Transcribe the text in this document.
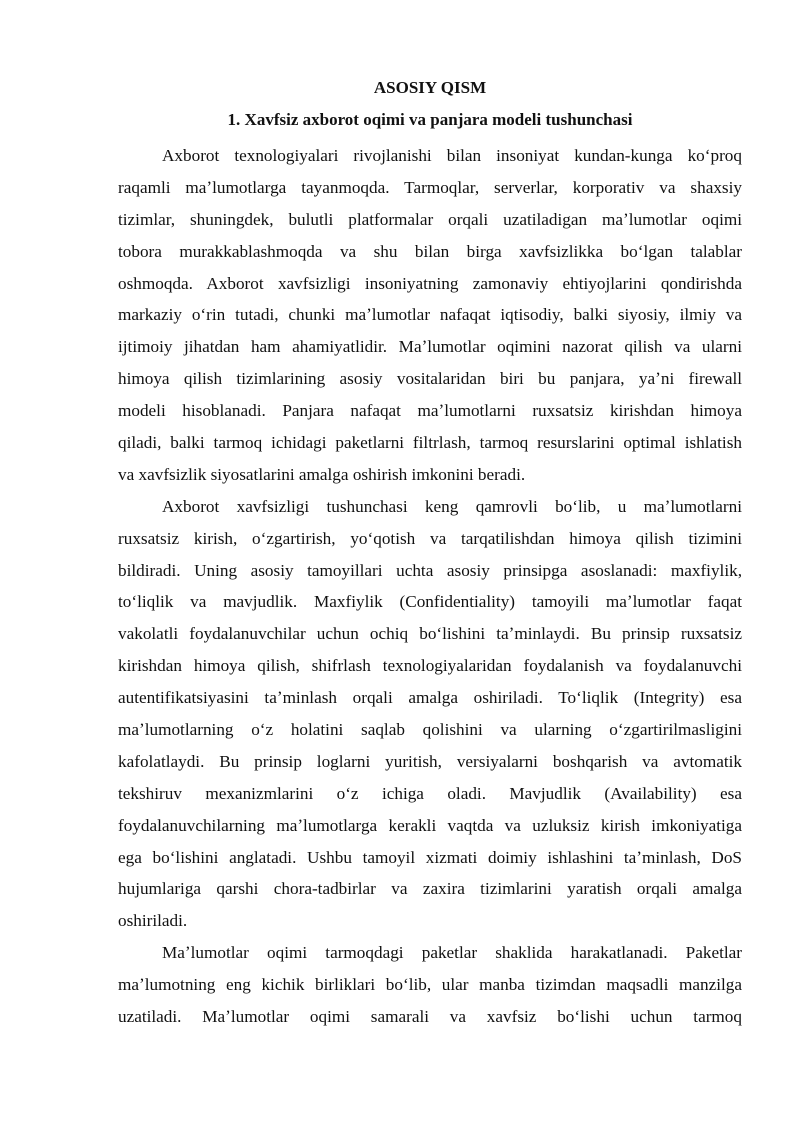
ASOSIY QISM
1. Xavfsiz axborot oqimi va panjara modeli tushunchasi
Axborot texnologiyalari rivojlanishi bilan insoniyat kundan-kunga koʻproq
raqamli maʼlumotlarga tayanmoqda. Tarmoqlar, serverlar, korporativ va shaxsiy
tizimlar, shuningdek, bulutli platformalar orqali uzatiladigan maʼlumotlar oqimi
tobora murakkablashmoqda va shu bilan birga xavfsizlikka boʻlgan talablar
oshmoqda. Axborot xavfsizligi insoniyatning zamonaviy ehtiyojlarini qondirishda
markaziy oʻrin tutadi, chunki maʼlumotlar nafaqat iqtisodiy, balki siyosiy, ilmiy va
ijtimoiy jihatdan ham ahamiyatlidir. Maʼlumotlar oqimini nazorat qilish va ularni
himoya qilish tizimlarining asosiy vositalaridan biri bu panjara, yaʼni firewall
modeli hisoblanadi. Panjara nafaqat maʼlumotlarni ruxsatsiz kirishdan himoya
qiladi, balki tarmoq ichidagi paketlarni filtrlash, tarmoq resurslarini optimal ishlatish
va xavfsizlik siyosatlarini amalga oshirish imkonini beradi.
Axborot xavfsizligi tushunchasi keng qamrovli boʻlib, u maʼlumotlarni
ruxsatsiz kirish, oʻzgartirish, yoʻqotish va tarqatilishdan himoya qilish tizimini
bildiradi. Uning asosiy tamoyillari uchta asosiy prinsipga asoslanadi: maxfiylik,
toʻliqlik va mavjudlik. Maxfiylik (Confidentiality) tamoyili maʼlumotlar faqat
vakolatli foydalanuvchilar uchun ochiq boʻlishini taʼminlaydi. Bu prinsip ruxsatsiz
kirishdan himoya qilish, shifrlash texnologiyalaridan foydalanish va foydalanuvchi
autentifikatsiyasini taʼminlash orqali amalga oshiriladi. Toʻliqlik (Integrity) esa
maʼlumotlarning oʻz holatini saqlab qolishini va ularning oʻzgartirilmasligini
kafolatlaydi. Bu prinsip loglarni yuritish, versiyalarni boshqarish va avtomatik
tekshiruv mexanizmlarini oʻz ichiga oladi. Mavjudlik (Availability) esa
foydalanuvchilarning maʼlumotlarga kerakli vaqtda va uzluksiz kirish imkoniyatiga
ega boʻlishini anglatadi. Ushbu tamoyil xizmati doimiy ishlashini taʼminlash, DoS
hujumlariga qarshi chora-tadbirlar va zaxira tizimlarini yaratish orqali amalga
oshiriladi.
Maʼlumotlar oqimi tarmoqdagi paketlar shaklida harakatlanadi. Paketlar
maʼlumotning eng kichik birliklari boʻlib, ular manba tizimdan maqsadli manzilga
uzatiladi. Maʼlumotlar oqimi samarali va xavfsiz boʻlishi uchun tarmoq
